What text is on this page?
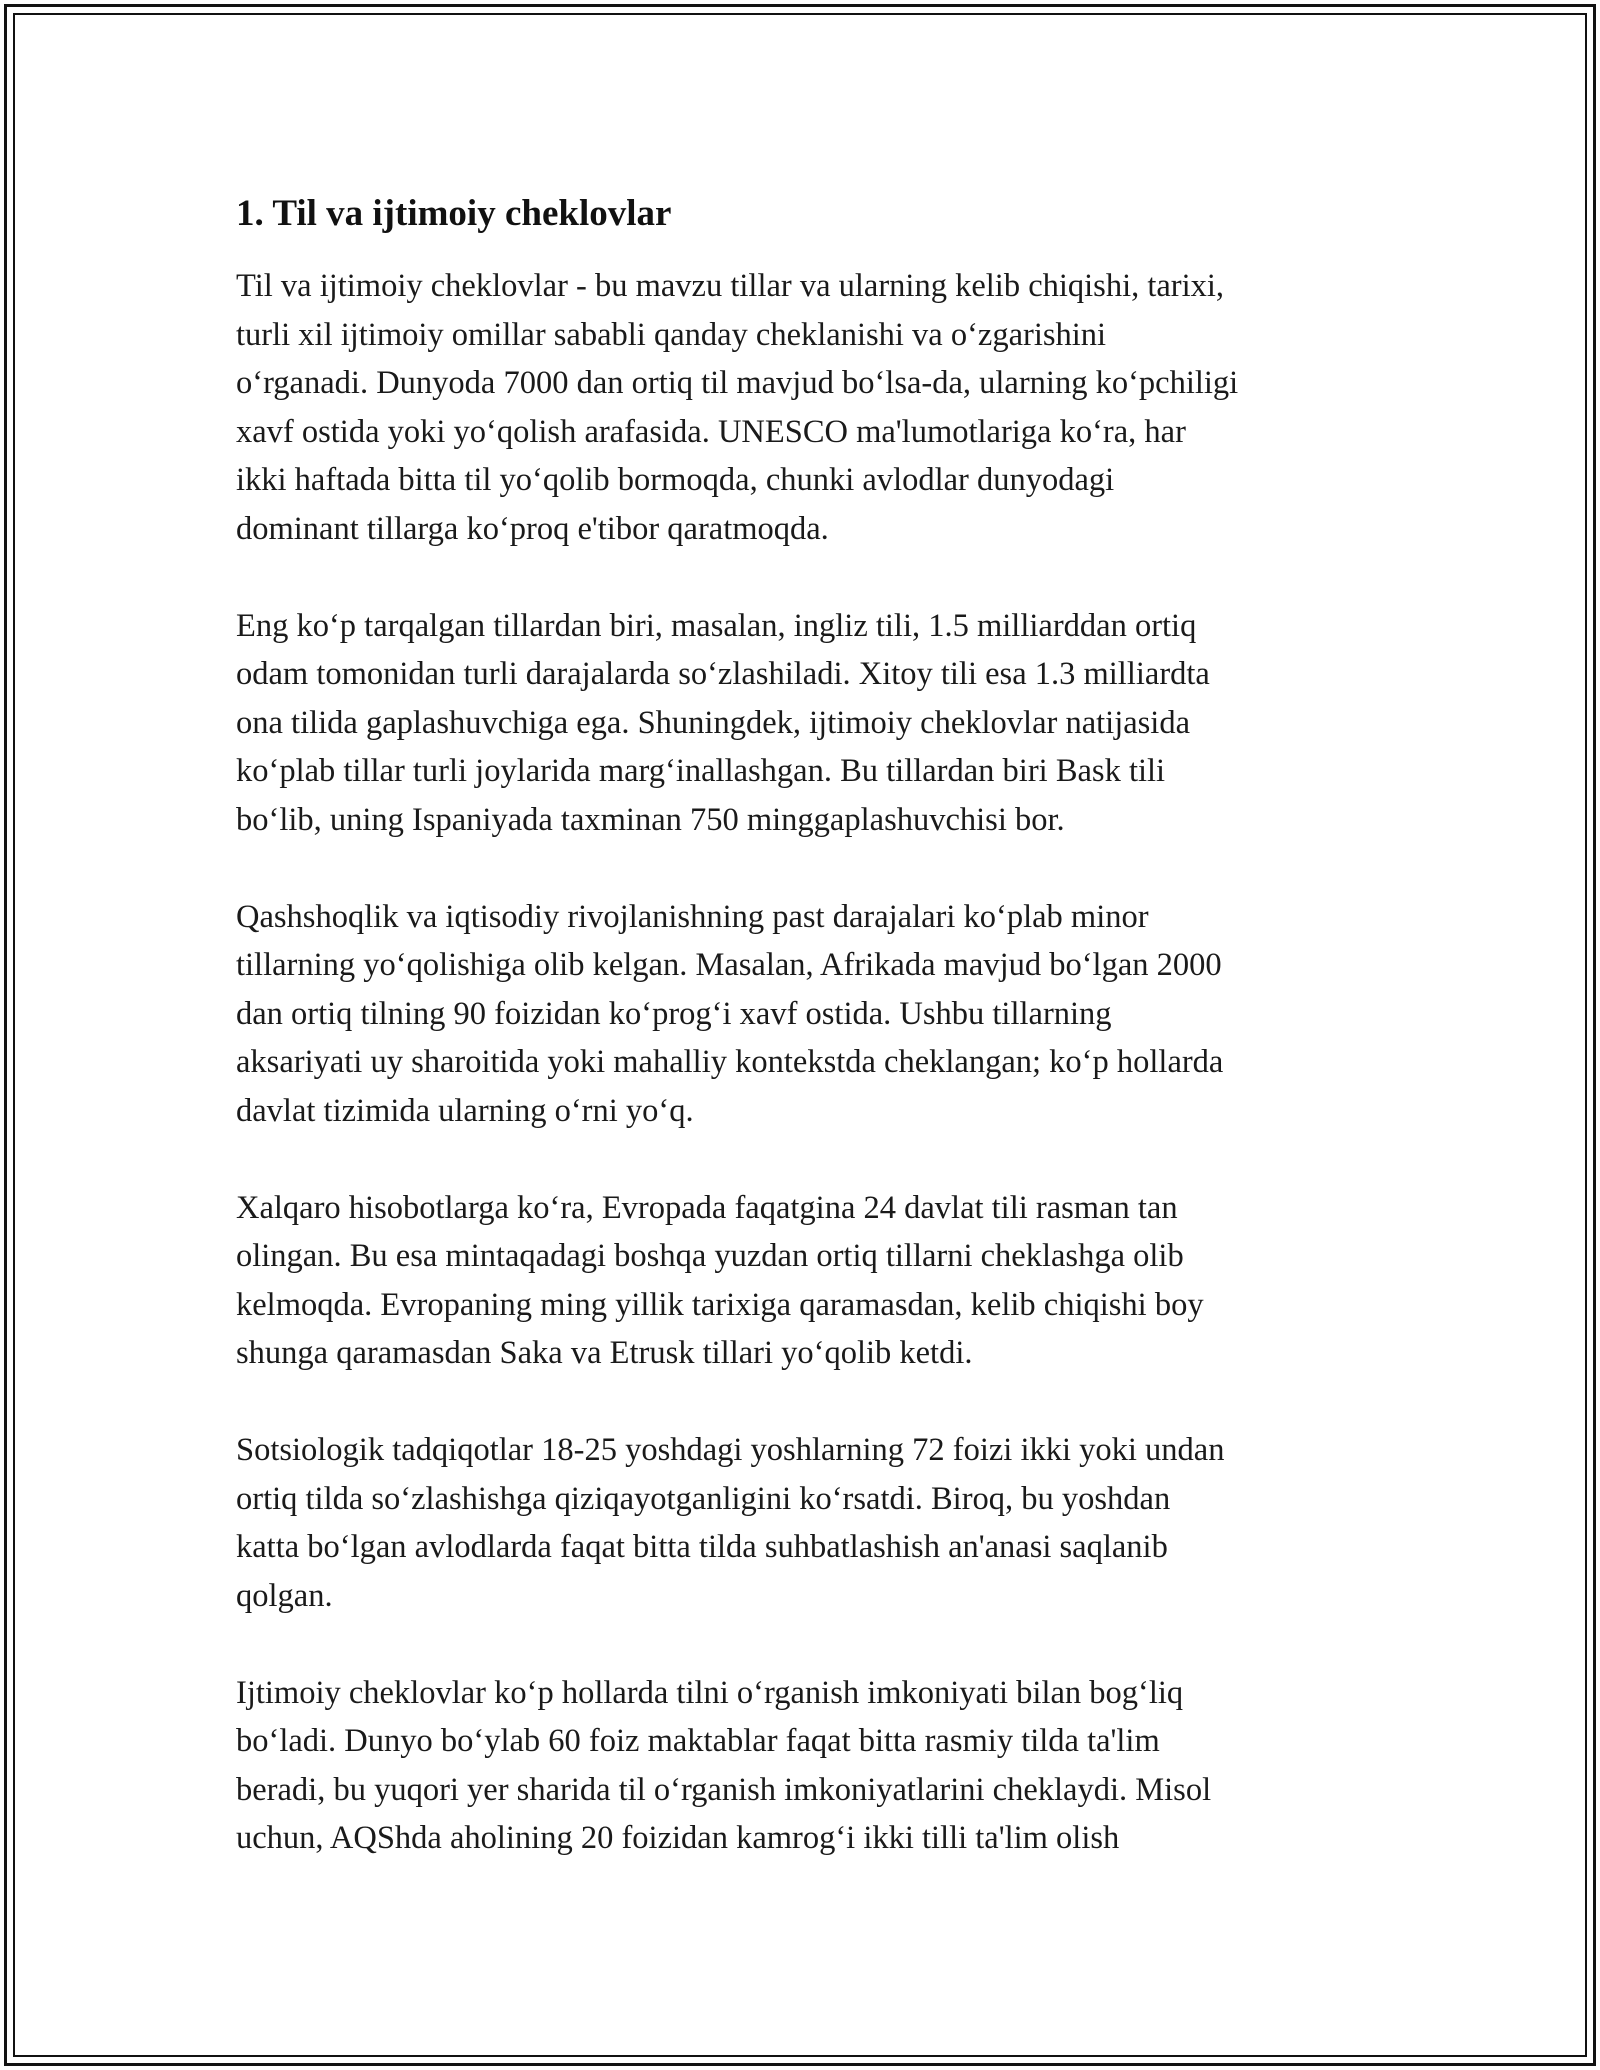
1. Til va ijtimoiy cheklovlar

Til va ijtimoiy cheklovlar - bu mavzu tillar va ularning kelib chiqishi, tarixi,
turli xil ijtimoiy omillar sababli qanday cheklanishi va o‘zgarishini
o‘rganadi. Dunyoda 7000 dan ortiq til mavjud bo‘lsa-da, ularning ko‘pchiligi
xavf ostida yoki yo‘qolish arafasida. UNESCO ma'lumotlariga ko‘ra, har
ikki haftada bitta til yo‘qolib bormoqda, chunki avlodlar dunyodagi
dominant tillarga ko‘proq e'tibor qaratmoqda.

Eng ko‘p tarqalgan tillardan biri, masalan, ingliz tili, 1.5 milliarddan ortiq
odam tomonidan turli darajalarda so‘zlashiladi. Xitoy tili esa 1.3 milliardta
ona tilida gaplashuvchiga ega. Shuningdek, ijtimoiy cheklovlar natijasida
ko‘plab tillar turli joylarida marg‘inallashgan. Bu tillardan biri Bask tili
bo‘lib, uning Ispaniyada taxminan 750 minggaplashuvchisi bor.

Qashshoqlik va iqtisodiy rivojlanishning past darajalari ko‘plab minor
tillarning yo‘qolishiga olib kelgan. Masalan, Afrikada mavjud bo‘lgan 2000
dan ortiq tilning 90 foizidan ko‘prog‘i xavf ostida. Ushbu tillarning
aksariyati uy sharoitida yoki mahalliy kontekstda cheklangan; ko‘p hollarda
davlat tizimida ularning o‘rni yo‘q.

Xalqaro hisobotlarga ko‘ra, Evropada faqatgina 24 davlat tili rasman tan
olingan. Bu esa mintaqadagi boshqa yuzdan ortiq tillarni cheklashga olib
kelmoqda. Evropaning ming yillik tarixiga qaramasdan, kelib chiqishi boy
shunga qaramasdan Saka va Etrusk tillari yo‘qolib ketdi.

Sotsiologik tadqiqotlar 18-25 yoshdagi yoshlarning 72 foizi ikki yoki undan
ortiq tilda so‘zlashishga qiziqayotganligini ko‘rsatdi. Biroq, bu yoshdan
katta bo‘lgan avlodlarda faqat bitta tilda suhbatlashish an'anasi saqlanib
qolgan.

Ijtimoiy cheklovlar ko‘p hollarda tilni o‘rganish imkoniyati bilan bog‘liq
bo‘ladi. Dunyo bo‘ylab 60 foiz maktablar faqat bitta rasmiy tilda ta'lim
beradi, bu yuqori yer sharida til o‘rganish imkoniyatlarini cheklaydi. Misol
uchun, AQShda aholining 20 foizidan kamrog‘i ikki tilli ta'lim olish
